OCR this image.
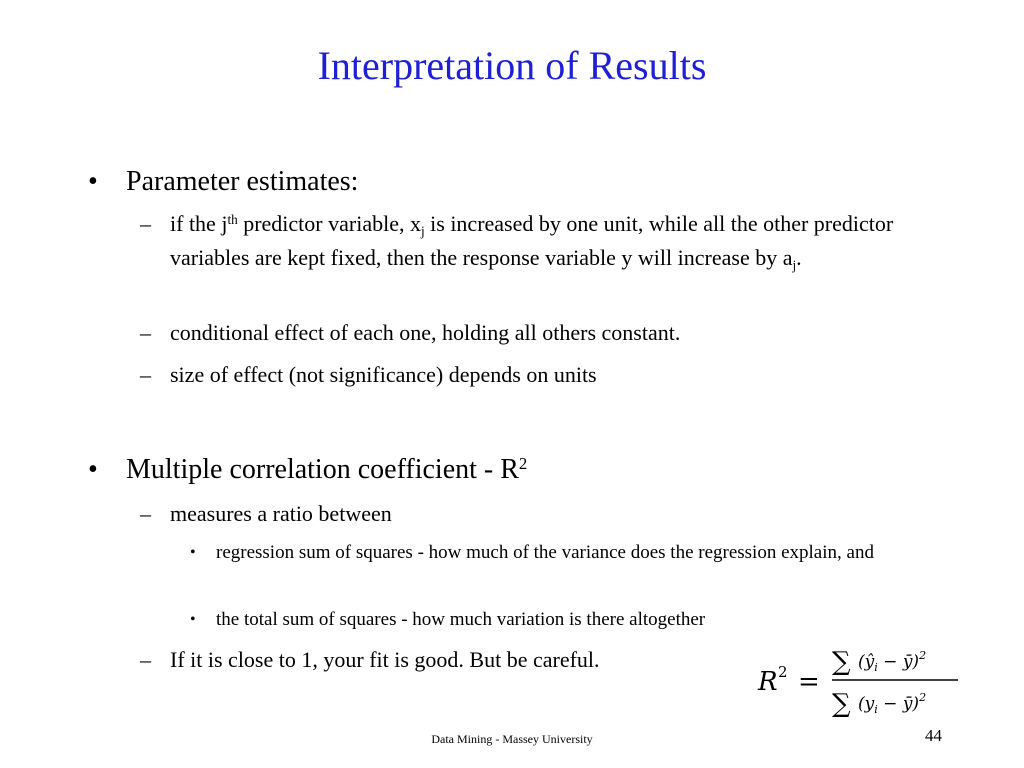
Interpretation of Results
• Parameter estimates:
– if the $j^{th}$ predictor variable, $x_j$ is increased by one unit, while all the other predictor variables are kept fixed, then the response variable y will increase by $a_j$.
– conditional effect of each one, holding all others constant.
– size of effect (not significance) depends on units
• Multiple correlation coefficient - $R^2$
– measures a ratio between
• regression sum of squares - how much of the variance does the regression explain, and
• the total sum of squares - how much variation is there altogether
– If it is close to 1, your fit is good. But be careful.
R 2 =
∑ ($ŷ_i$ − ȳ)$^2$
∑ ($y_i$ − ȳ)$^2$
Data Mining - Massey University	44
